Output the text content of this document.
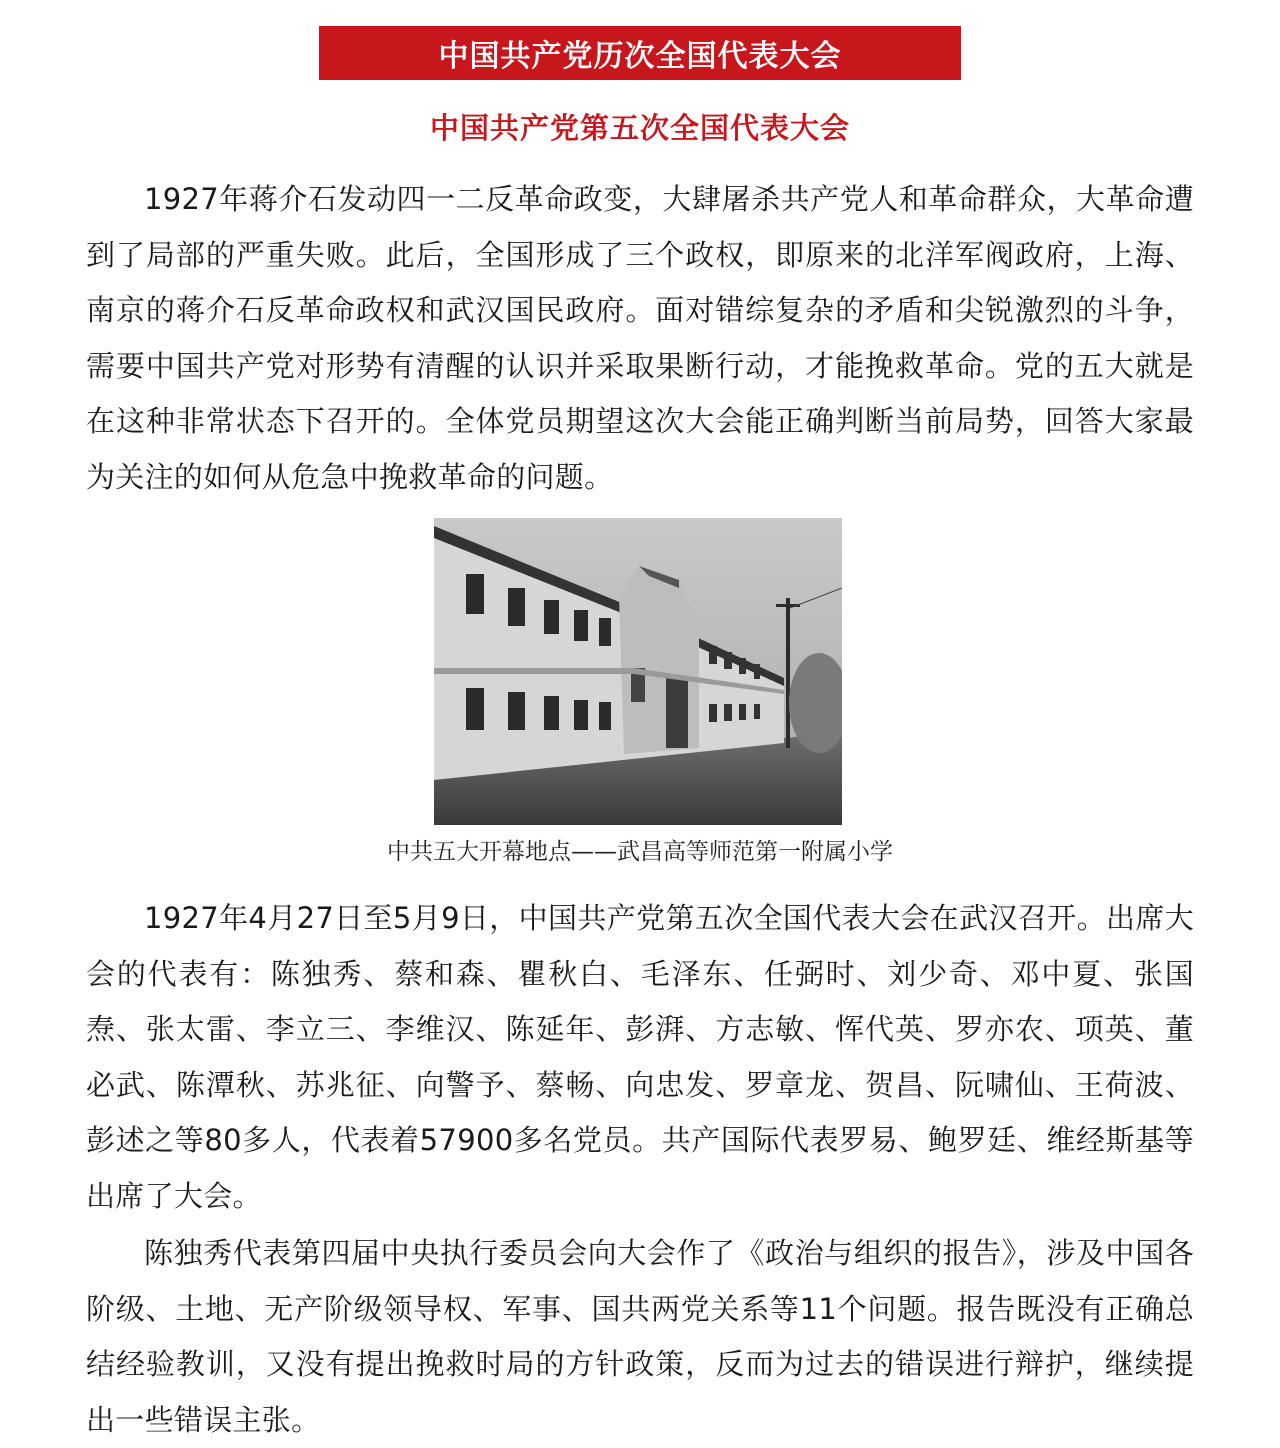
中国共产党历次全国代表大会
中国共产党第五次全国代表大会

1927年蒋介石发动四一二反革命政变，大肆屠杀共产党人和革命群众，大革命遭到了局部的严重失败。此后，全国形成了三个政权，即原来的北洋军阀政府，上海、南京的蒋介石反革命政权和武汉国民政府。面对错综复杂的矛盾和尖锐激烈的斗争，需要中国共产党对形势有清醒的认识并采取果断行动，才能挽救革命。党的五大就是在这种非常状态下召开的。全体党员期望这次大会能正确判断当前局势，回答大家最为关注的如何从危急中挽救革命的问题。

中共五大开幕地点——武昌高等师范第一附属小学

1927年4月27日至5月9日，中国共产党第五次全国代表大会在武汉召开。出席大会的代表有：陈独秀、蔡和森、瞿秋白、毛泽东、任弼时、刘少奇、邓中夏、张国焘、张太雷、李立三、李维汉、陈延年、彭湃、方志敏、恽代英、罗亦农、项英、董必武、陈潭秋、苏兆征、向警予、蔡畅、向忠发、罗章龙、贺昌、阮啸仙、王荷波、彭述之等80多人，代表着57900多名党员。共产国际代表罗易、鲍罗廷、维经斯基等出席了大会。

陈独秀代表第四届中央执行委员会向大会作了《政治与组织的报告》，涉及中国各阶级、土地、无产阶级领导权、军事、国共两党关系等11个问题。报告既没有正确总结经验教训，又没有提出挽救时局的方针政策，反而为过去的错误进行辩护，继续提出一些错误主张。
